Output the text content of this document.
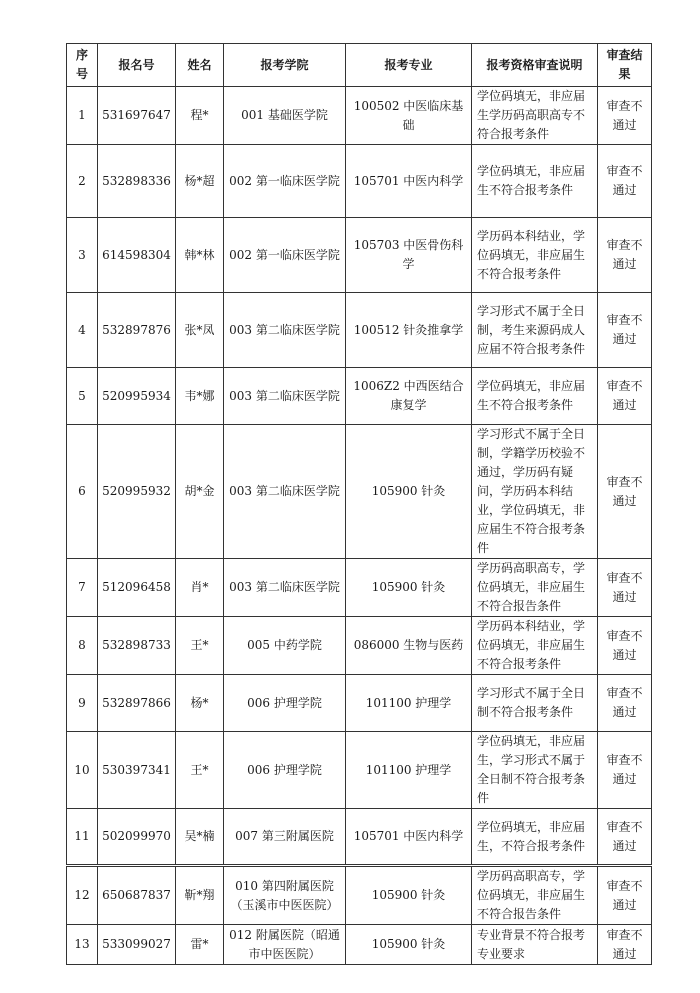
序号	报名号	姓名	报考学院	报考专业	报考资格审查说明	审查结果
1	531697647	程*	001 基础医学院	100502 中医临床基础	学位码填无，非应届生学历码高职高专不符合报考条件	审查不通过
2	532898336	杨*超	002 第一临床医学院	105701 中医内科学	学位码填无，非应届生不符合报考条件	审查不通过
3	614598304	韩*林	002 第一临床医学院	105703 中医骨伤科学	学历码本科结业，学位码填无，非应届生不符合报考条件	审查不通过
4	532897876	张*凤	003 第二临床医学院	100512 针灸推拿学	学习形式不属于全日制，考生来源码成人应届不符合报考条件	审查不通过
5	520995934	韦*娜	003 第二临床医学院	1006Z2 中西医结合康复学	学位码填无，非应届生不符合报考条件	审查不通过
6	520995932	胡*金	003 第二临床医学院	105900 针灸	学习形式不属于全日制，学籍学历校验不通过，学历码有疑问，学历码本科结业，学位码填无，非应届生不符合报考条件	审查不通过
7	512096458	肖*	003 第二临床医学院	105900 针灸	学历码高职高专，学位码填无，非应届生不符合报告条件	审查不通过
8	532898733	王*	005 中药学院	086000 生物与医药	学历码本科结业，学位码填无，非应届生不符合报考条件	审查不通过
9	532897866	杨*	006 护理学院	101100 护理学	学习形式不属于全日制不符合报考条件	审查不通过
10	530397341	王*	006 护理学院	101100 护理学	学位码填无，非应届生，学习形式不属于全日制不符合报考条件	审查不通过
11	502099970	吴*楠	007 第三附属医院	105701 中医内科学	学位码填无，非应届生，不符合报考条件	审查不通过
12	650687837	靳*翔	010 第四附属医院（玉溪市中医医院）	105900 针灸	学历码高职高专，学位码填无，非应届生不符合报告条件	审查不通过
13	533099027	雷*	012 附属医院（昭通市中医医院）	105900 针灸	专业背景不符合报考专业要求	审查不通过
